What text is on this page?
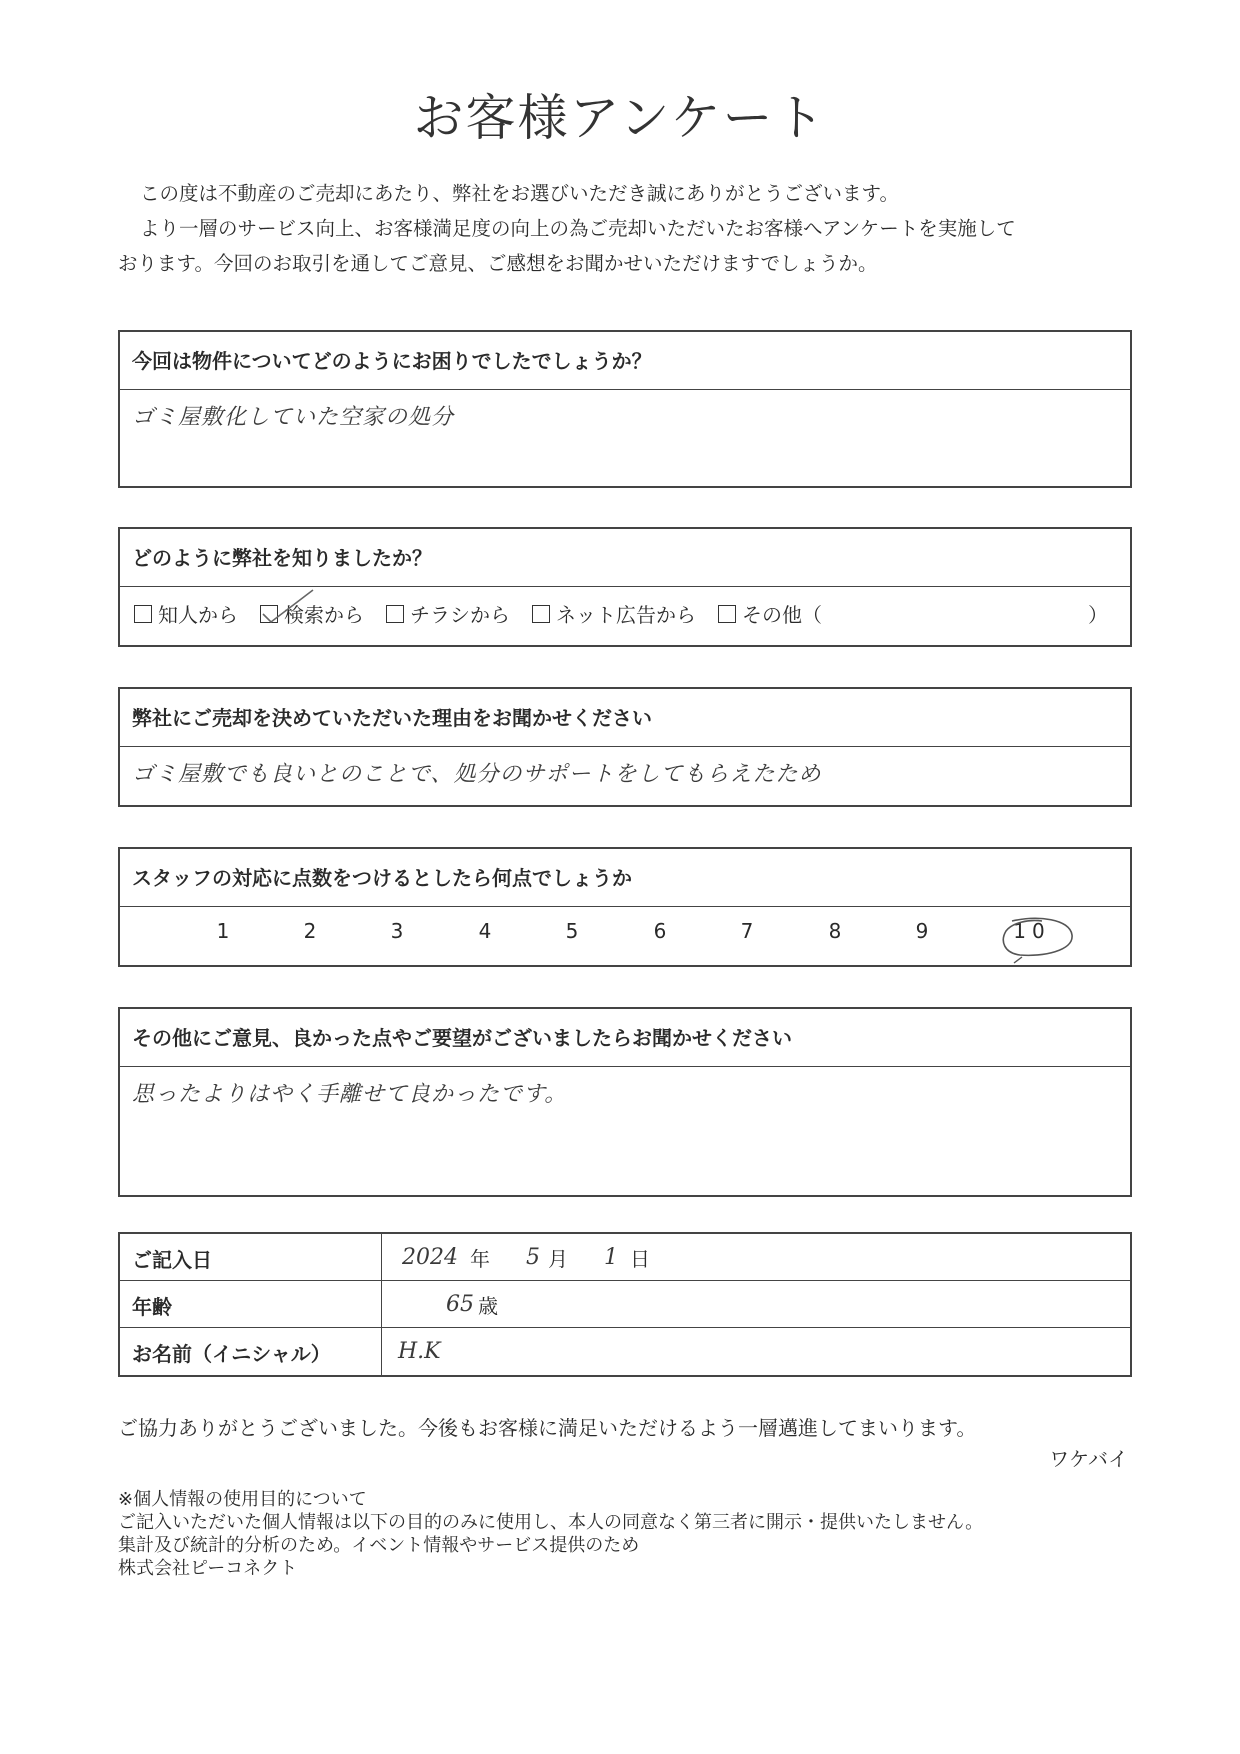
お客様アンケート

この度は不動産のご売却にあたり、弊社をお選びいただき誠にありがとうございます。

より一層のサービス向上、お客様満足度の向上の為ご売却いただいたお客様へアンケートを実施して

おります。今回のお取引を通してご意見、ご感想をお聞かせいただけますでしょうか。

今回は物件についてどのようにお困りでしたでしょうか？
ゴミ屋敷化していた空家の処分
どのように弊社を知りましたか？
知人から 検索から チラシから ネット広告から その他（	）
弊社にご売却を決めていただいた理由をお聞かせください
ゴミ屋敷でも良いとのことで、処分のサポートをしてもらえたため
スタッフの対応に点数をつけるとしたら何点でしょうか
1	2	3	4	5	6	7	8	9	10
その他にご意見、良かった点やご要望がございましたらお聞かせください
思ったよりはやく手離せて良かったです。
ご記入日	2024 年 5 月 1 日
年齢	65 歳
お名前（イニシャル）	H.K
ご協力ありがとうございました。今後もお客様に満足いただけるよう一層邁進してまいります。
ワケバイ

※個人情報の使用目的について

ご記入いただいた個人情報は以下の目的のみに使用し、本人の同意なく第三者に開示・提供いたしません。

集計及び統計的分析のため。イベント情報やサービス提供のため

株式会社ピーコネクト
